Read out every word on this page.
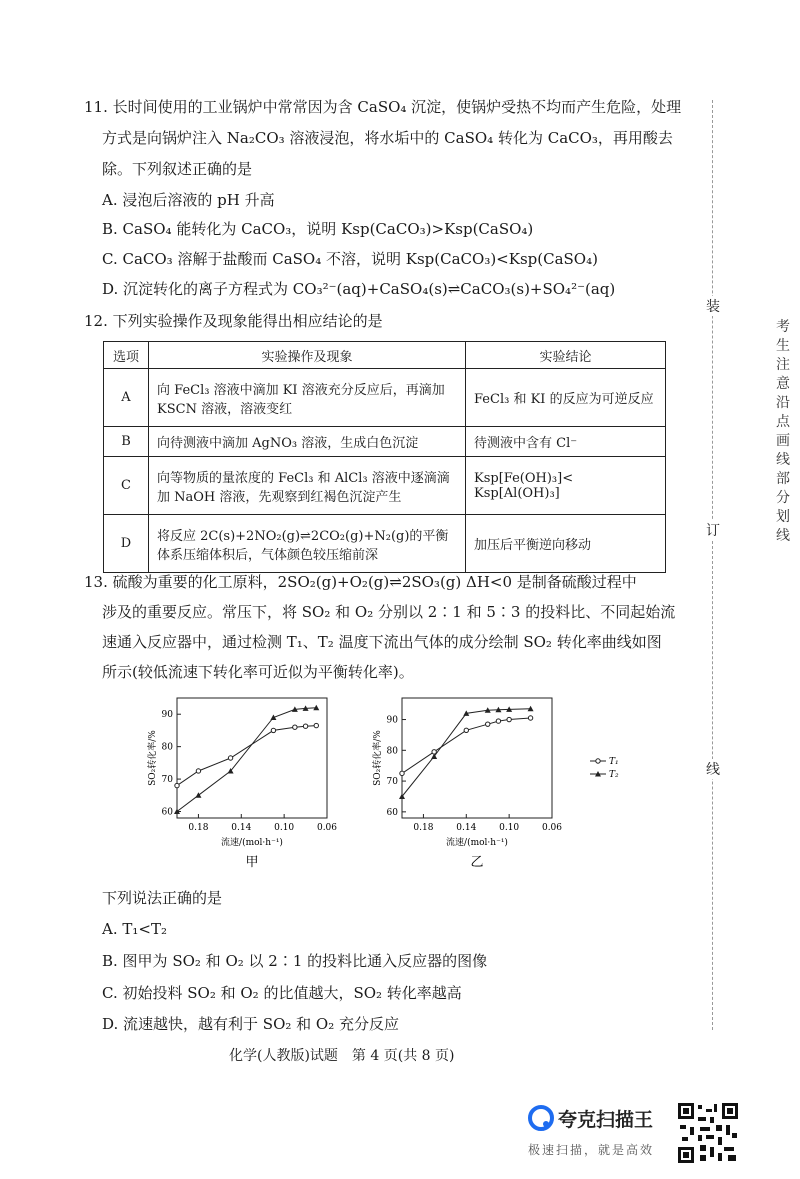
11. 长时间使用的工业锅炉中常常因为含 CaSO₄ 沉淀，使锅炉受热不均而产生危险，处理
方式是向锅炉注入 Na₂CO₃ 溶液浸泡，将水垢中的 CaSO₄ 转化为 CaCO₃，再用酸去
除。下列叙述正确的是
A. 浸泡后溶液的 pH 升高
B. CaSO₄ 能转化为 CaCO₃，说明 Ksp(CaCO₃)>Ksp(CaSO₄)
C. CaCO₃ 溶解于盐酸而 CaSO₄ 不溶，说明 Ksp(CaCO₃)<Ksp(CaSO₄)
D. 沉淀转化的离子方程式为 CO₃²⁻(aq)+CaSO₄(s)⇌CaCO₃(s)+SO₄²⁻(aq)
12. 下列实验操作及现象能得出相应结论的是
选项	实验操作及现象	实验结论
A	向 FeCl₃ 溶液中滴加 KI 溶液充分反应后，再滴加 KSCN 溶液，溶液变红	FeCl₃ 和 KI 的反应为可逆反应
B	向待测液中滴加 AgNO₃ 溶液，生成白色沉淀	待测液中含有 Cl⁻
C	向等物质的量浓度的 FeCl₃ 和 AlCl₃ 溶液中逐滴滴加 NaOH 溶液，先观察到红褐色沉淀产生	Ksp[Fe(OH)₃]< Ksp[Al(OH)₃]
D	将反应 2C(s)+2NO₂(g)⇌2CO₂(g)+N₂(g)的平衡体系压缩体积后，气体颜色较压缩前深	加压后平衡逆向移动
13. 硫酸为重要的化工原料，2SO₂(g)+O₂(g)⇌2SO₃(g) ΔH<0 是制备硫酸过程中
涉及的重要反应。常压下，将 SO₂ 和 O₂ 分别以 2∶1 和 5∶3 的投料比、不同起始流
速通入反应器中，通过检测 T₁、T₂ 温度下流出气体的成分绘制 SO₂ 转化率曲线如图
所示(较低流速下转化率可近似为平衡转化率)。
下列说法正确的是
A. T₁<T₂
B. 图甲为 SO₂ 和 O₂ 以 2∶1 的投料比通入反应器的图像
C. 初始投料 SO₂ 和 O₂ 的比值越大，SO₂ 转化率越高
D. 流速越快，越有利于 SO₂ 和 O₂ 充分反应
60
70
80
90
0.18	0.14	0.10	0.06
流速/(mol·h⁻¹)
SO₂转化率/%
甲
60
70
80
90
0.18	0.14	0.10	0.06
流速/(mol·h⁻¹)
SO₂转化率/%
乙
T₁
T₂
装
订
线
考生注意沿点画线部分划线
化学(人教版)试题　第 4 页(共 8 页)
夸克扫描王
极速扫描，就是高效
